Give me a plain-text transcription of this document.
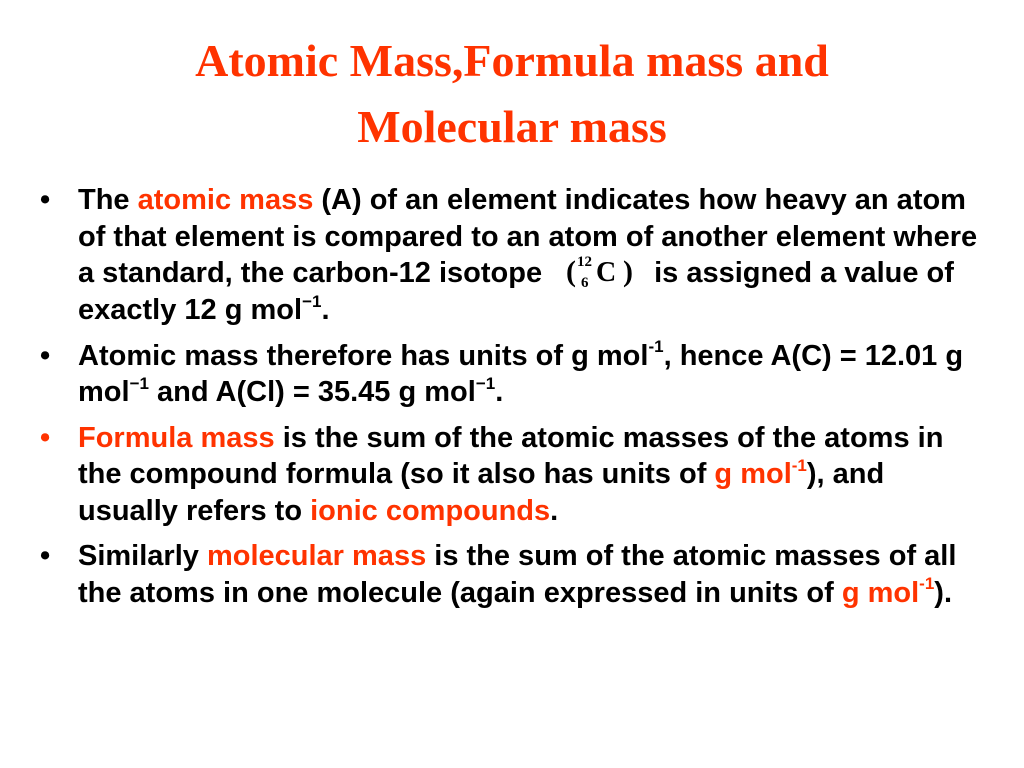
Atomic Mass,Formula mass and
Molecular mass
• The atomic mass (A) of an element indicates how heavy an atom of that element is compared to an atom of another element where a standard, the carbon-12 isotope ( 12
6 C ) is assigned a value of exactly 12 g mol$^{-1}$.
• Atomic mass therefore has units of g mol$^{-1}$, hence A(C) = 12.01 g mol$^{-1}$ and A(Cl) = 35.45 g mol$^{-1}$.
• Formula mass is the sum of the atomic masses of the atoms in the compound formula (so it also has units of g mol$^{-1}$), and usually refers to ionic compounds.
• Similarly molecular mass is the sum of the atomic masses of all the atoms in one molecule (again expressed in units of g mol$^{-1}$).
